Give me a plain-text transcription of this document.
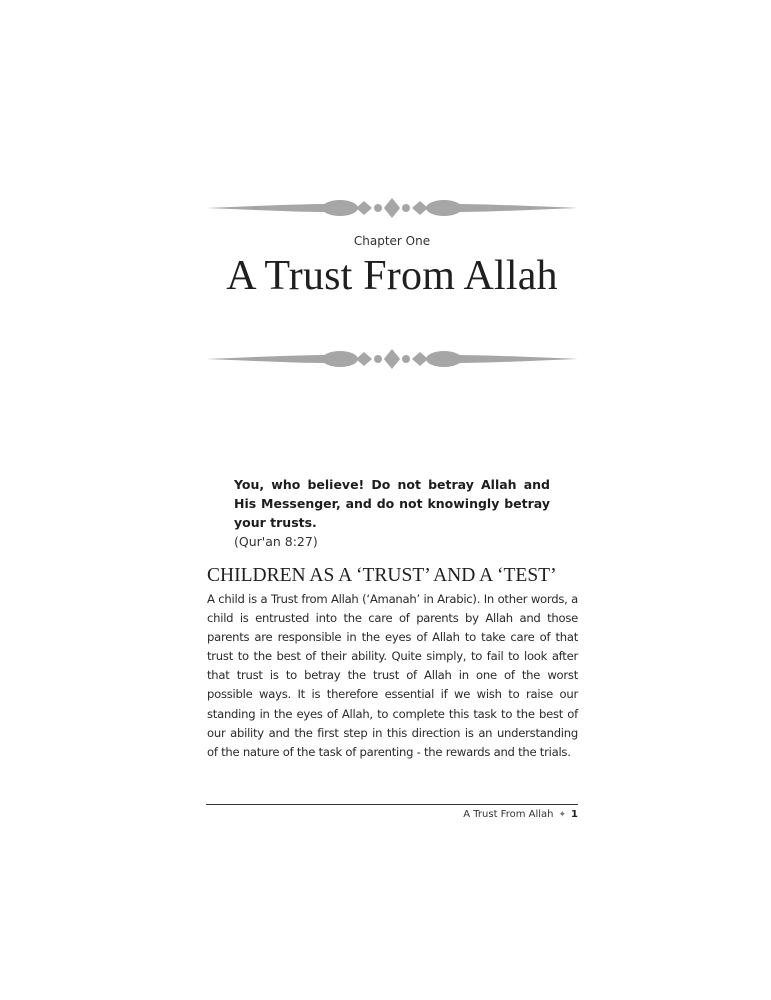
Chapter One
A Trust From Allah

You, who believe! Do not betray Allah and His Messenger, and do not knowingly betray your trusts.

(Qur'an 8:27)

CHILDREN AS A ‘TRUST’ AND A ‘TEST’

A child is a Trust from Allah (‘Amanah’ in Arabic). In other words, a child is entrusted into the care of parents by Allah and those parents are responsible in the eyes of Allah to take care of that trust to the best of their ability. Quite simply, to fail to look after that trust is to betray the trust of Allah in one of the worst possible ways. It is therefore essential if we wish to raise our standing in the eyes of Allah, to complete this task to the best of our ability and the first step in this direction is an understanding of the nature of the task of parenting - the rewards and the trials.

A Trust From Allah ✦ 1
